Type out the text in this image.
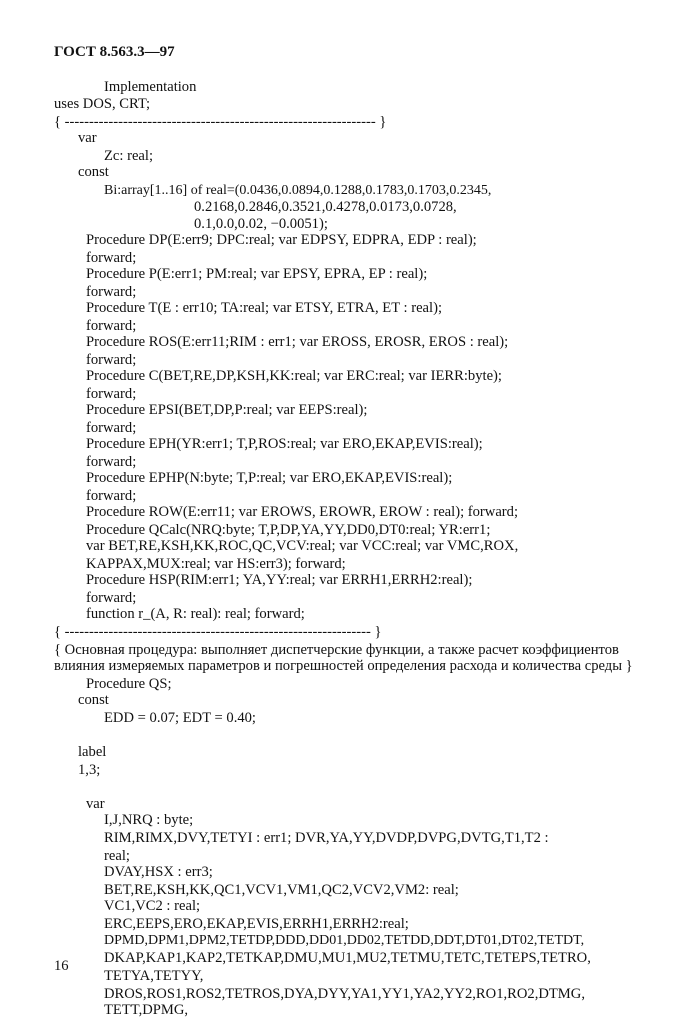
ГОСТ 8.563.3—97
Implementation
uses DOS, CRT;
{ ---------------------------------------------------------------- }
var
Zc: real;
const
Bi:array[1..16] of real=(0.0436,0.0894,0.1288,0.1783,0.1703,0.2345,
0.2168,0.2846,0.3521,0.4278,0.0173,0.0728,
0.1,0.0,0.02, −0.0051);
Procedure DP(E:err9; DPC:real; var EDPSY, EDPRA, EDP : real);
forward;
Procedure P(E:err1; PM:real; var EPSY, EPRA, EP : real);
forward;
Procedure T(E : err10; TA:real; var ETSY, ETRA, ET : real);
forward;
Procedure ROS(E:err11;RIM : err1; var EROSS, EROSR, EROS : real);
forward;
Procedure C(BET,RE,DP,KSH,KK:real; var ERC:real; var IERR:byte);
forward;
Procedure EPSI(BET,DP,P:real; var EEPS:real);
forward;
Procedure EPH(YR:err1; T,P,ROS:real; var ERO,EKAP,EVIS:real);
forward;
Procedure EPHP(N:byte; T,P:real; var ERO,EKAP,EVIS:real);
forward;
Procedure ROW(E:err11; var EROWS, EROWR, EROW : real); forward;
Procedure QCalc(NRQ:byte; T,P,DP,YA,YY,DD0,DT0:real; YR:err1;
var BET,RE,KSH,KK,ROC,QC,VCV:real; var VCC:real; var VMC,ROX,
KAPPAX,MUX:real; var HS:err3); forward;
Procedure HSP(RIM:err1; YA,YY:real; var ERRH1,ERRH2:real);
forward;
function r_(A, R: real): real; forward;
{ --------------------------------------------------------------- }
{ Основная процедура: выполняет диспетчерские функции, а также расчет коэффициентов
влияния измеряемых параметров и погрешностей определения расхода и количества среды }
Procedure QS;
const
EDD = 0.07; EDT = 0.40;
label
1,3;
var
I,J,NRQ : byte;
RIM,RIMX,DVY,TETYI : err1; DVR,YA,YY,DVDP,DVPG,DVTG,T1,T2 :
real;
DVAY,HSX : err3;
BET,RE,KSH,KK,QC1,VCV1,VM1,QC2,VCV2,VM2: real;
VC1,VC2 : real;
ERC,EEPS,ERO,EKAP,EVIS,ERRH1,ERRH2:real;
DPMD,DPM1,DPM2,TETDP,DDD,DD01,DD02,TETDD,DDT,DT01,DT02,TETDT,
DKAP,KAP1,KAP2,TETKAP,DMU,MU1,MU2,TETMU,TETC,TETEPS,TETRO,
TETYA,TETYY,
DROS,ROS1,ROS2,TETROS,DYA,DYY,YA1,YY1,YA2,YY2,RO1,RO2,DTMG,
TETT,DPMG,
16
